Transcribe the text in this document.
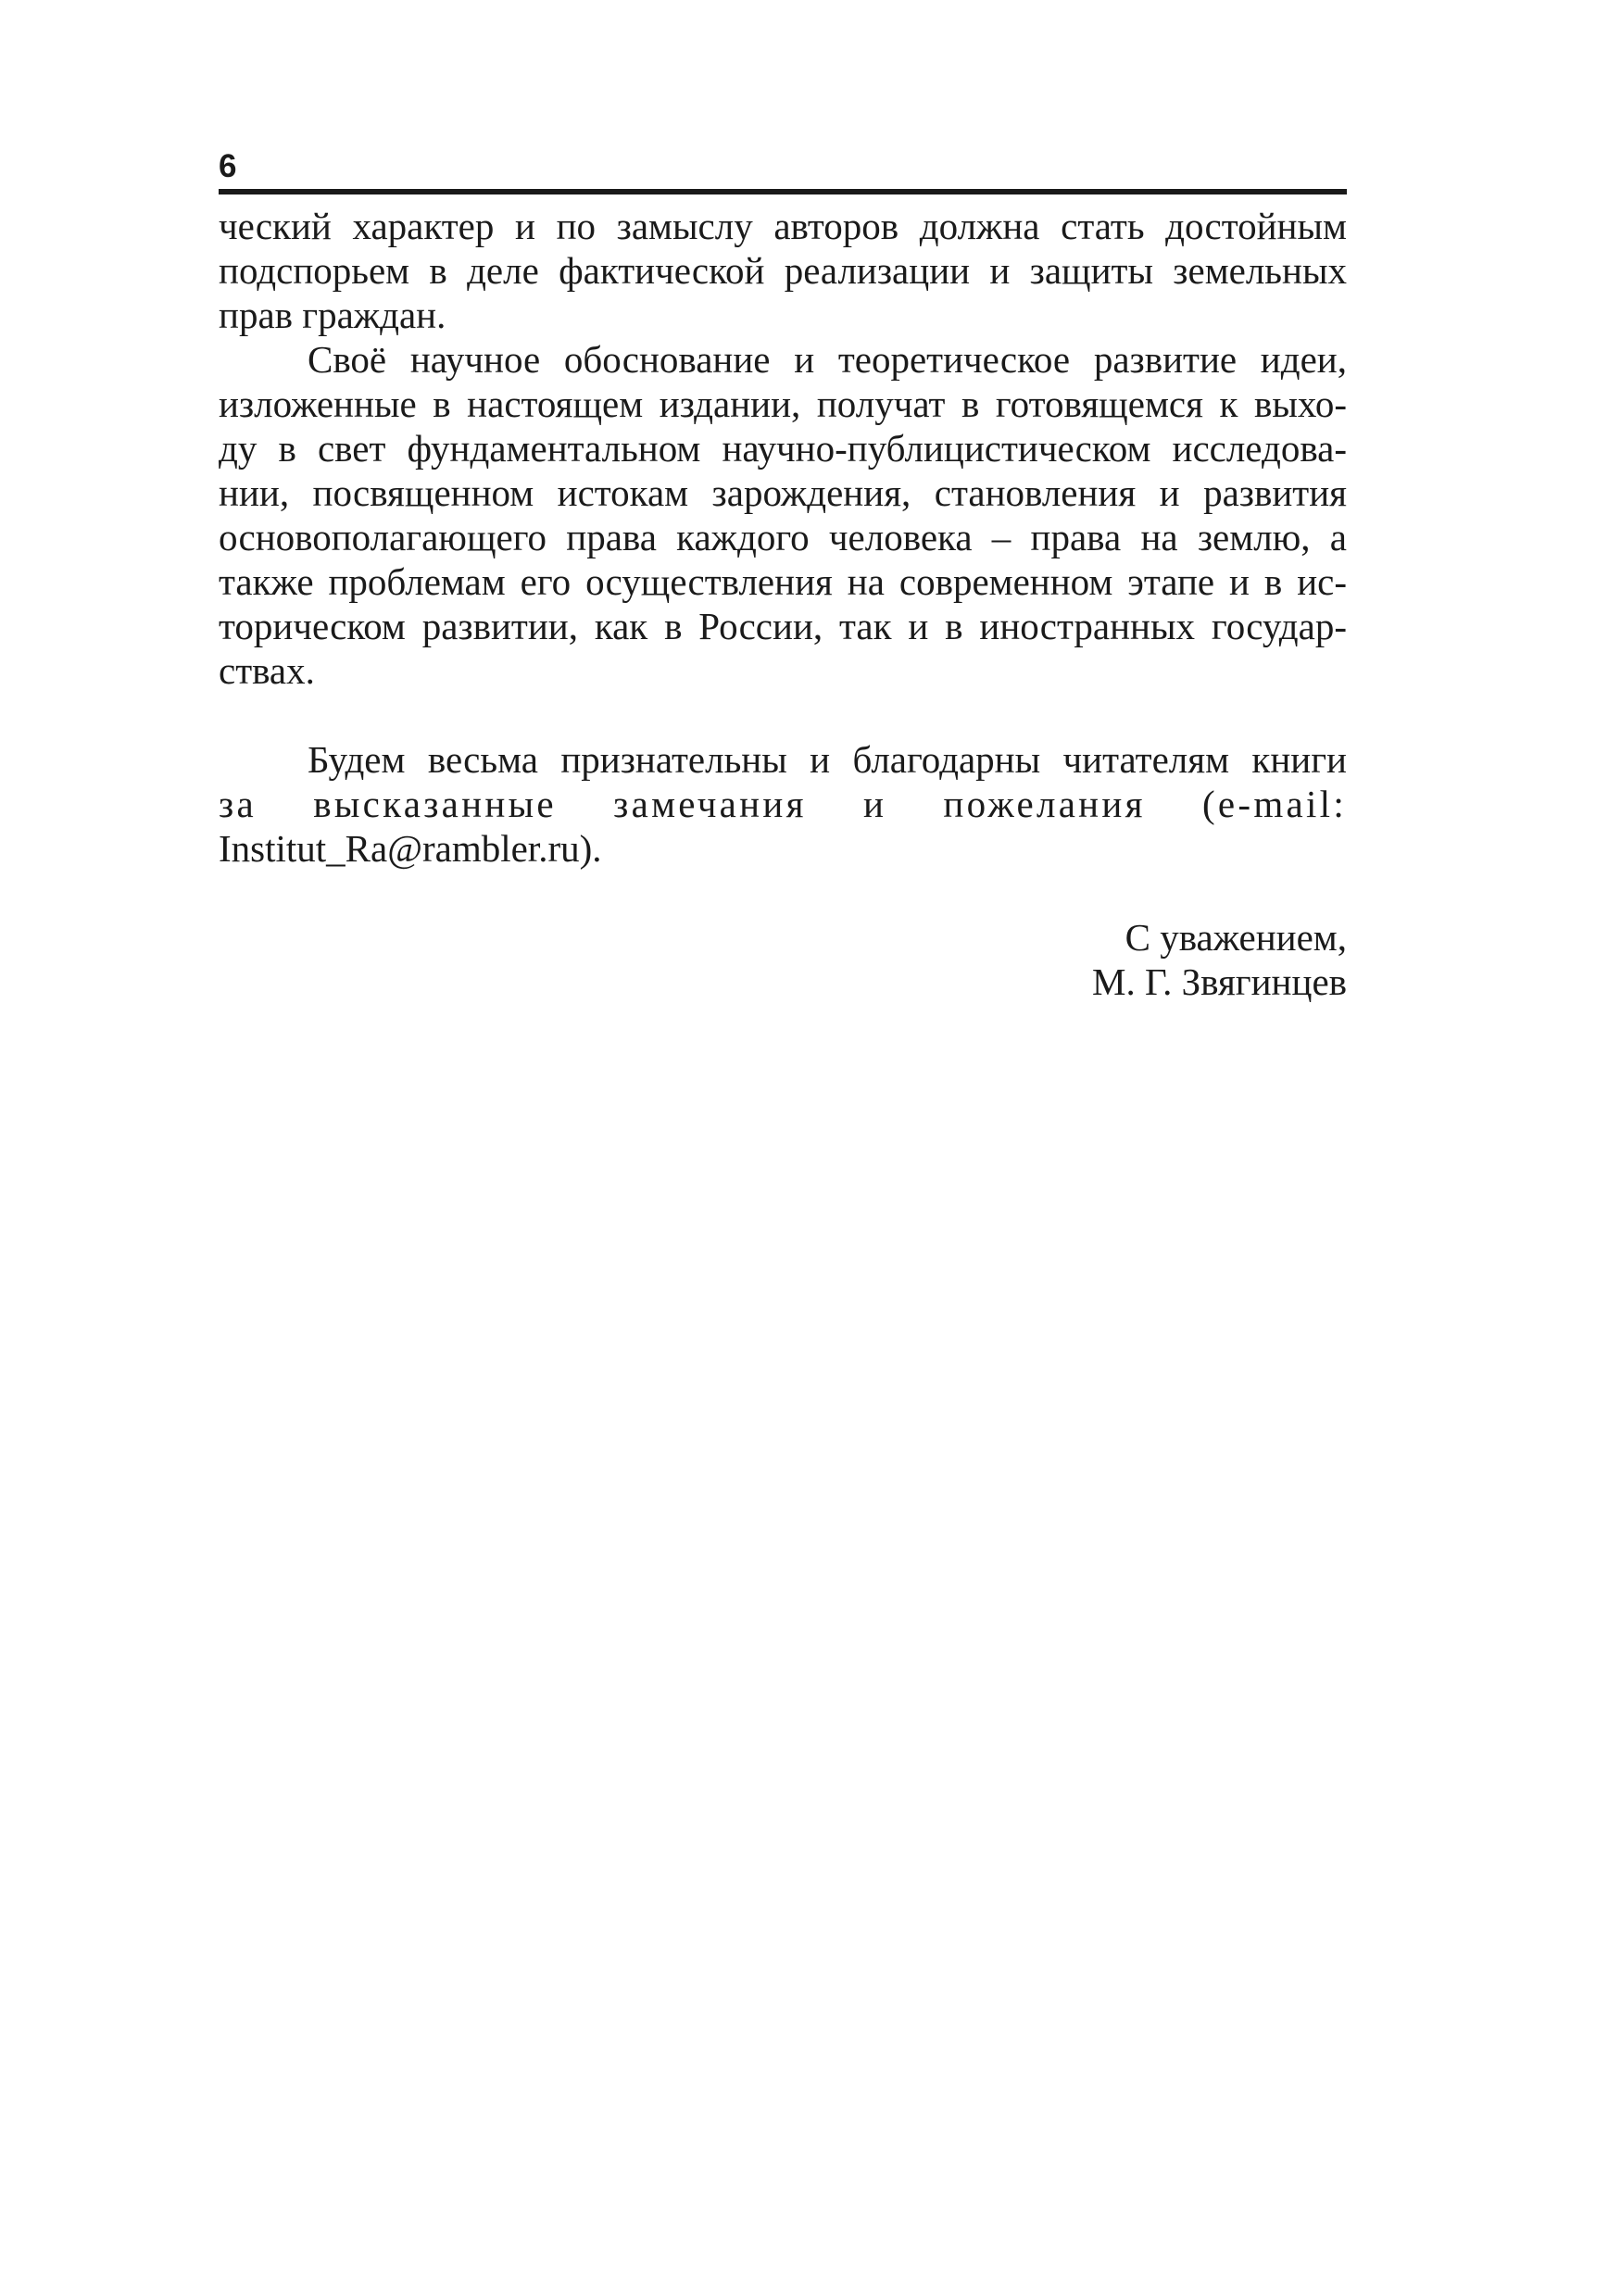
6
ческий характер и по замыслу авторов должна стать достойным
подспорьем в деле фактической реализации и защиты земельных
прав граждан.
Своё научное обоснование и теоретическое развитие идеи,
изложенные в настоящем издании, получат в готовящемся к выхо-
ду в свет фундаментальном научно-публицистическом исследова-
нии, посвященном истокам зарождения, становления и развития
основополагающего права каждого человека – права на землю, а
также проблемам его осуществления на современном этапе и в ис-
торическом развитии, как в России, так и в иностранных государ-
ствах.
Будем весьма признательны и благодарны читателям книги
за высказанные замечания и пожелания (e-mail:
Institut_Ra@rambler.ru).
С уважением,
М. Г. Звягинцев
